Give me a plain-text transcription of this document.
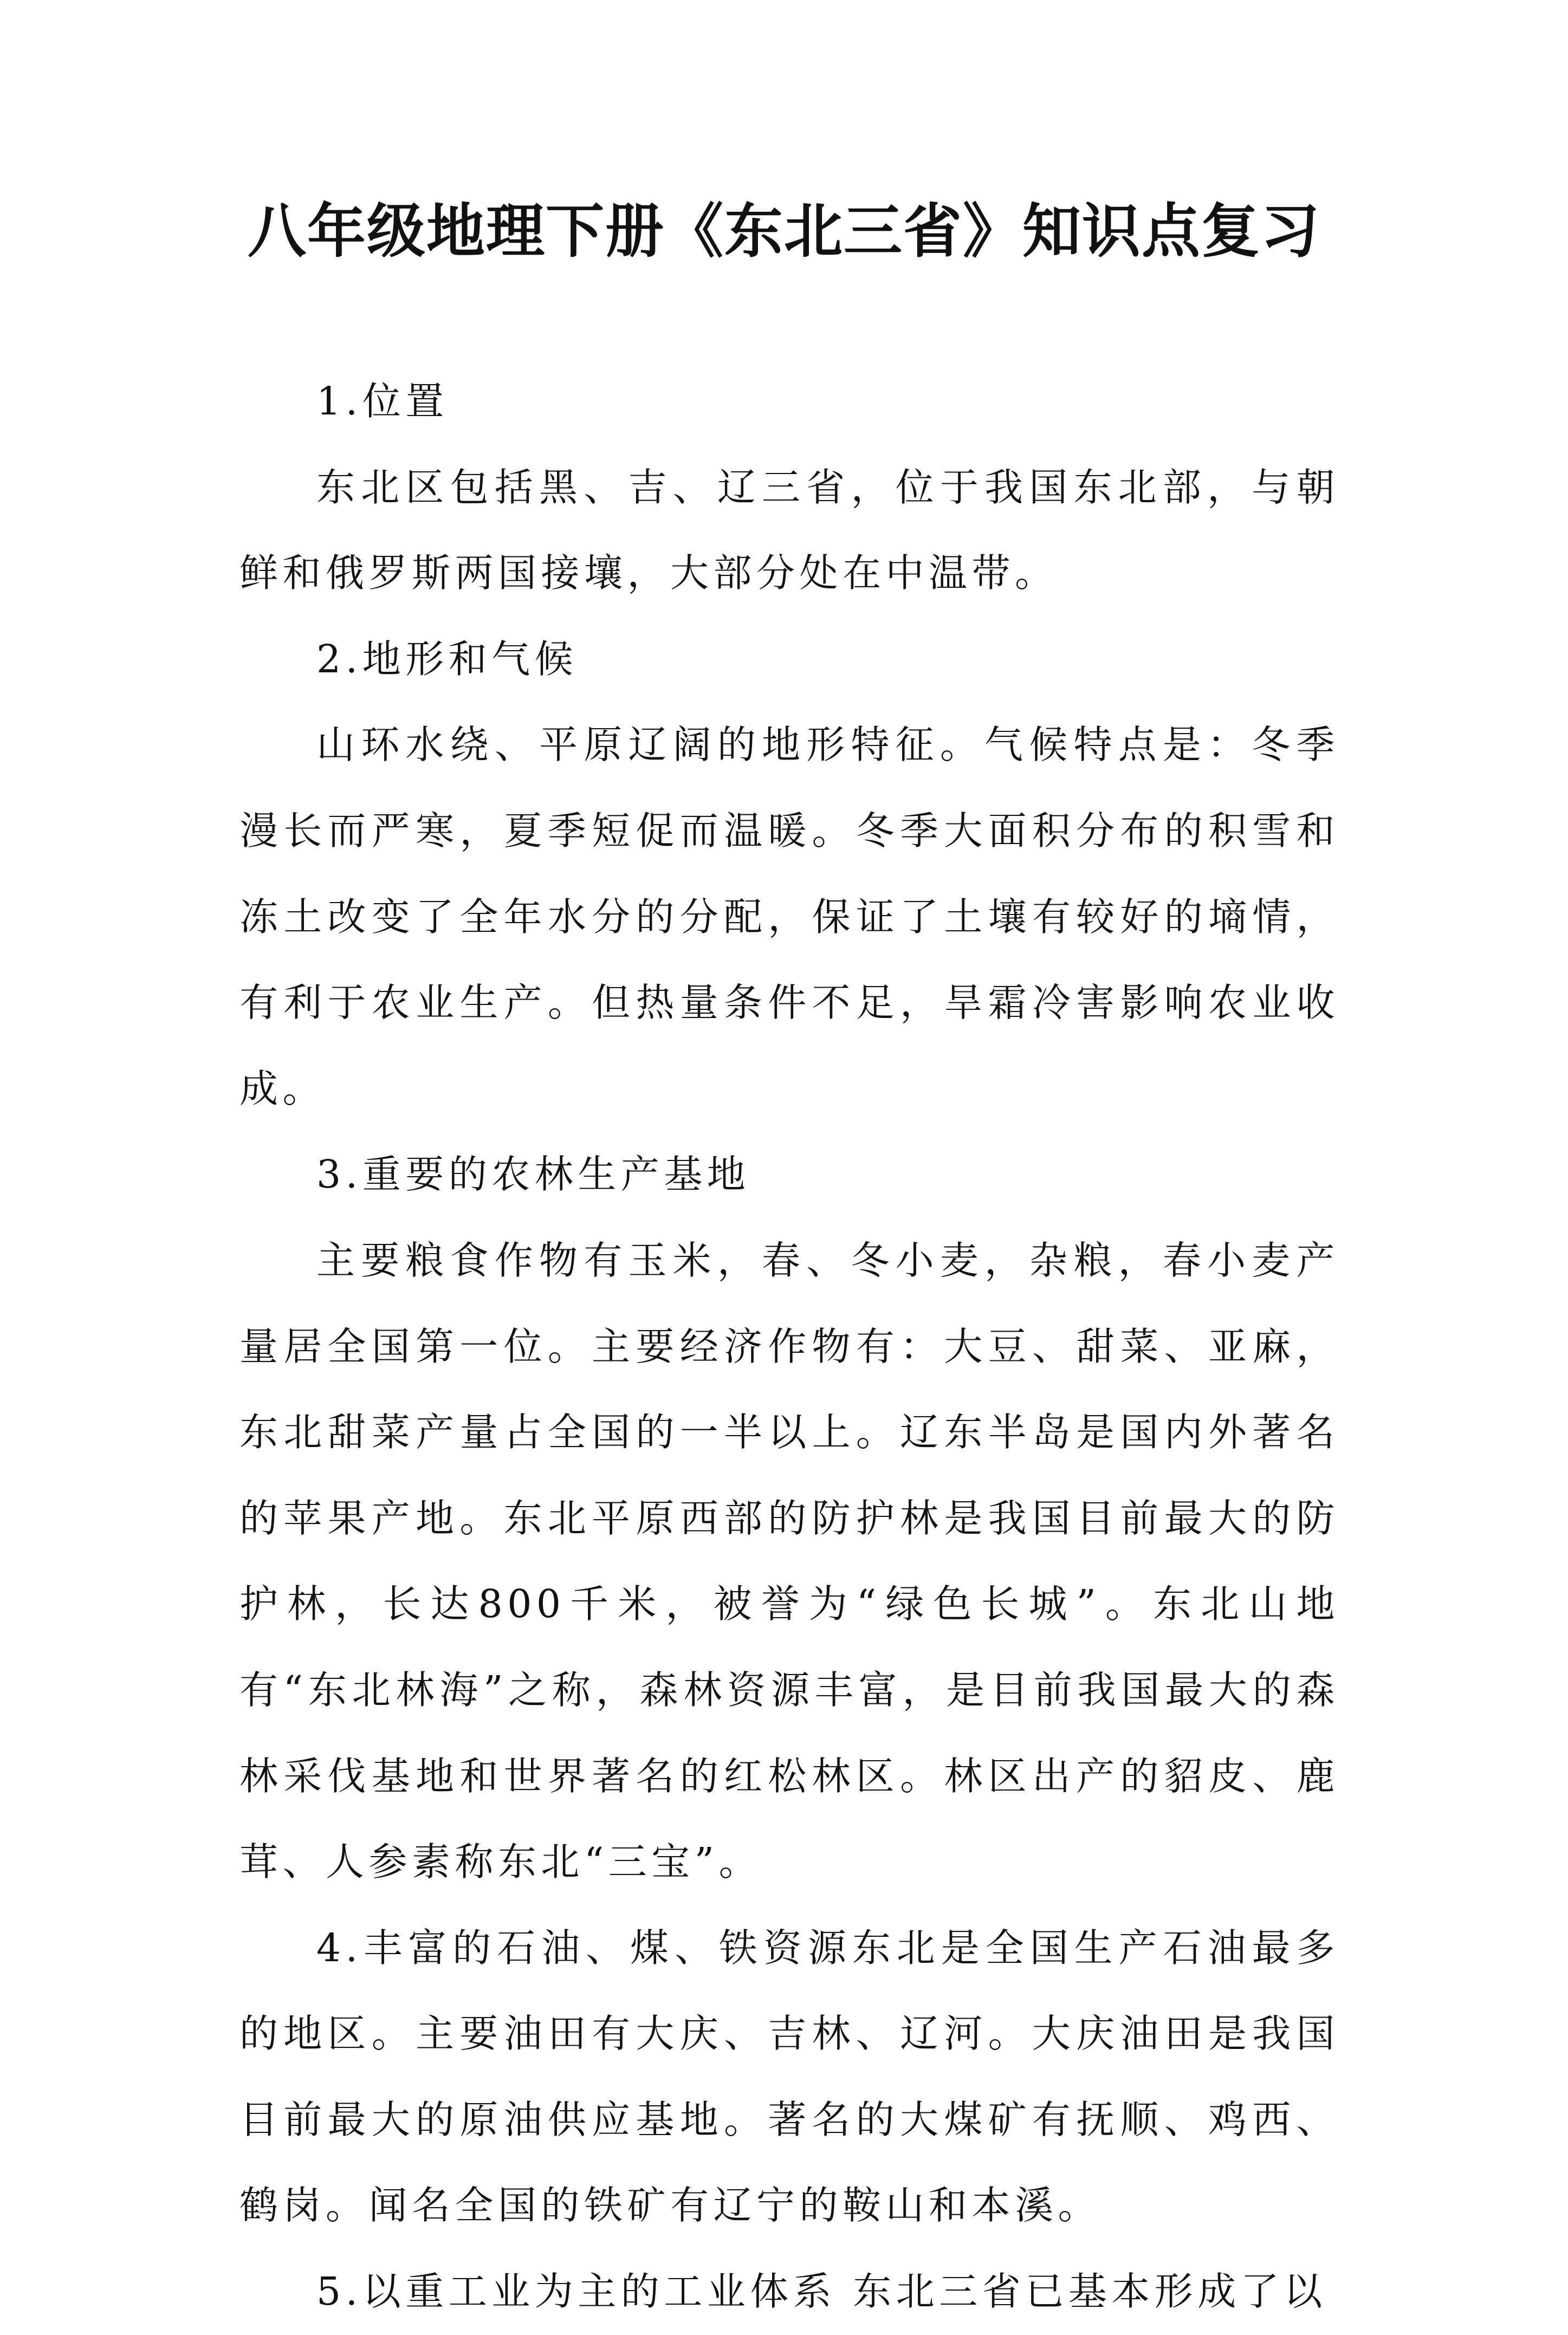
八年级地理下册《东北三省》知识点复习

1.位置

东北区包括黑、吉、辽三省，位于我国东北部，与朝鲜和俄罗斯两国接壤，大部分处在中温带。

2.地形和气候

山环水绕、平原辽阔的地形特征。气候特点是：冬季漫长而严寒，夏季短促而温暖。冬季大面积分布的积雪和冻土改变了全年水分的分配，保证了土壤有较好的墒情，有利于农业生产。但热量条件不足，旱霜冷害影响农业收成。

3.重要的农林生产基地

主要粮食作物有玉米，春、冬小麦，杂粮，春小麦产量居全国第一位。主要经济作物有：大豆、甜菜、亚麻，东北甜菜产量占全国的一半以上。辽东半岛是国内外著名的苹果产地。东北平原西部的防护林是我国目前最大的防护林，长达800千米，被誉为“绿色长城”。东北山地有“东北林海”之称，森林资源丰富，是目前我国最大的森林采伐基地和世界著名的红松林区。林区出产的貂皮、鹿茸、人参素称东北“三宝”。

4.丰富的石油、煤、铁资源东北是全国生产石油最多的地区。主要油田有大庆、吉林、辽河。大庆油田是我国目前最大的原油供应基地。著名的大煤矿有抚顺、鸡西、鹤岗。闻名全国的铁矿有辽宁的鞍山和本溪。

5.以重工业为主的工业体系 东北三省已基本形成了以
